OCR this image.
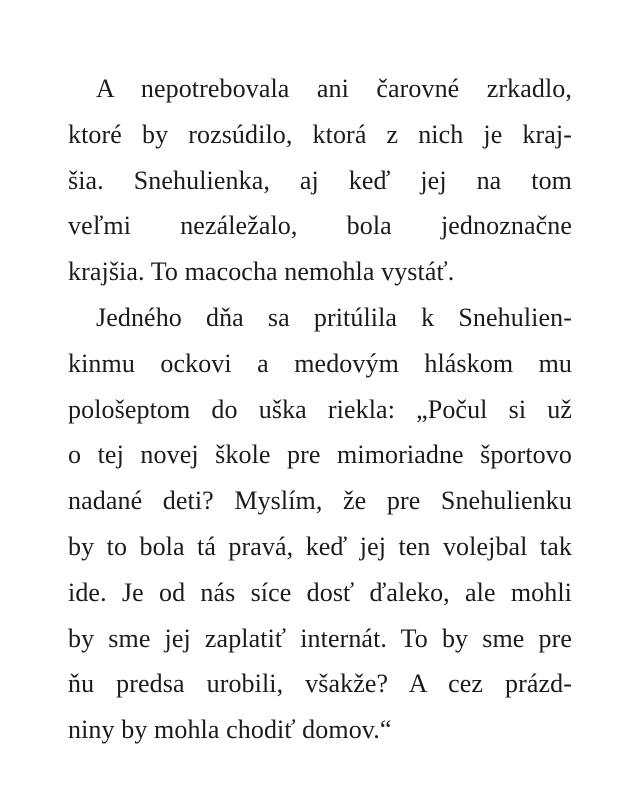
A nepotrebovala ani čarovné zrkadlo,
ktoré by rozsúdilo, ktorá z nich je kraj-
šia. Snehulienka, aj keď jej na tom
veľmi nezáležalo, bola jednoznačne
krajšia. To macocha nemohla vystáť.
Jedného dňa sa pritúlila k Snehulien-
kinmu ockovi a medovým hláskom mu
pološeptom do uška riekla: „Počul si už
o tej novej škole pre mimoriadne športovo
nadané deti? Myslím, že pre Snehulienku
by to bola tá pravá, keď jej ten volejbal tak
ide. Je od nás síce dosť ďaleko, ale mohli
by sme jej zaplatiť internát. To by sme pre
ňu predsa urobili, všakže? A cez prázd-
niny by mohla chodiť domov.“
